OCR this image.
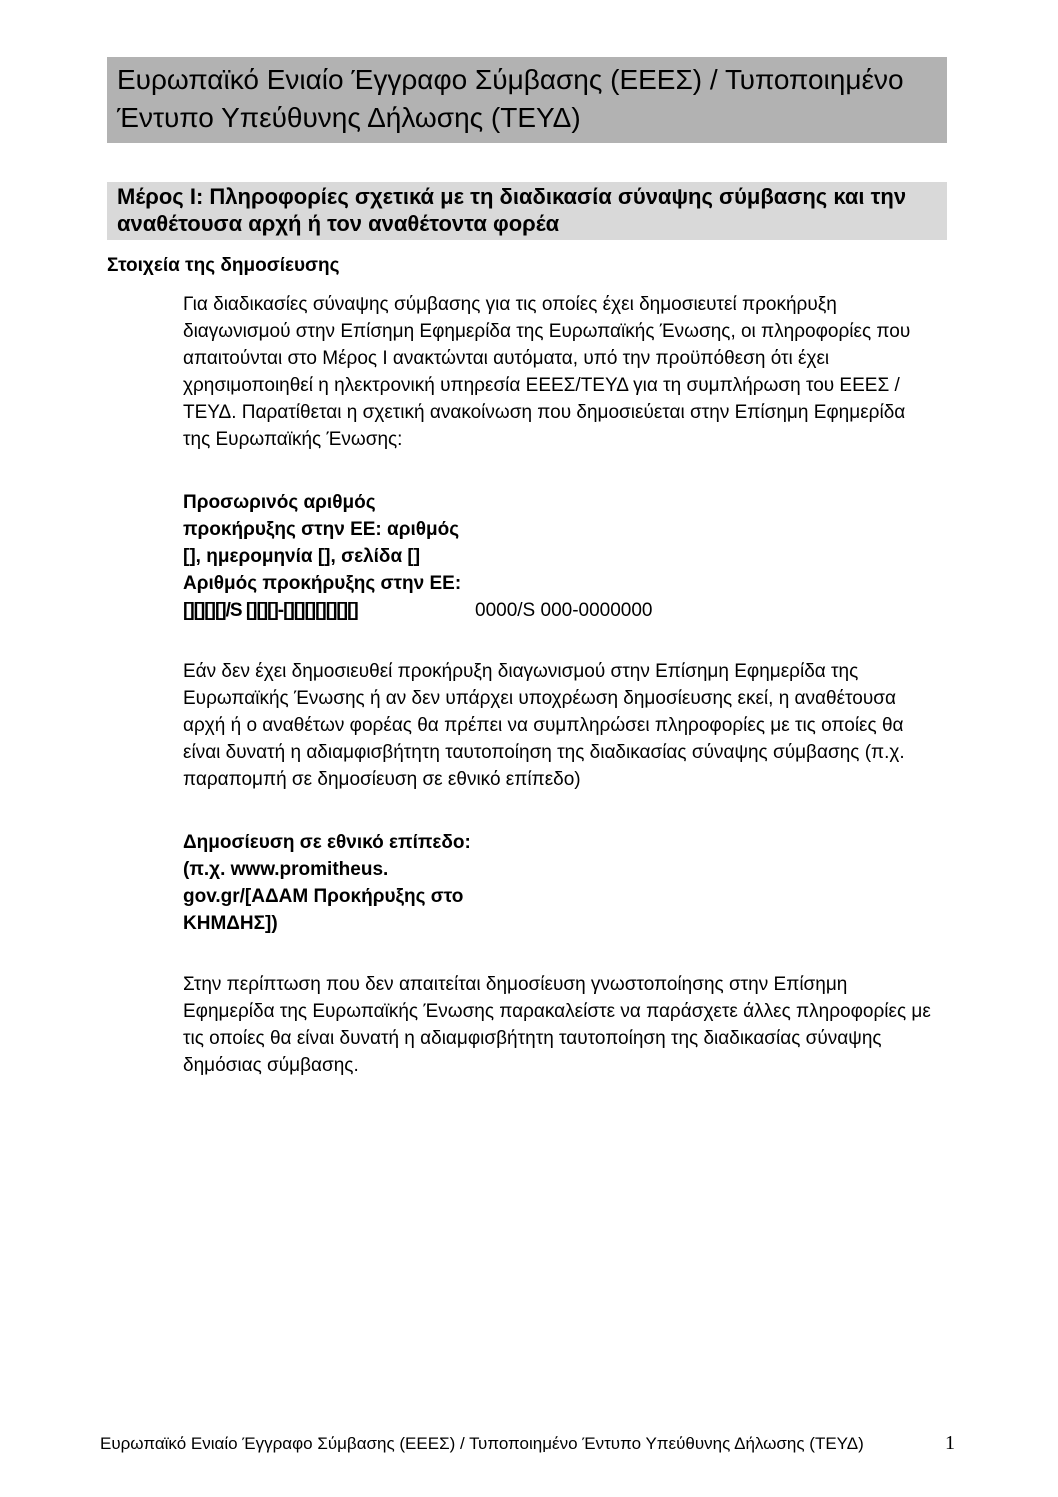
Ευρωπαϊκό Ενιαίο Έγγραφο Σύμβασης (ΕΕΕΣ) / Τυποποιημένο Έντυπο Υπεύθυνης Δήλωσης (ΤΕΥΔ)
Μέρος Ι: Πληροφορίες σχετικά με τη διαδικασία σύναψης σύμβασης και την αναθέτουσα αρχή ή τον αναθέτοντα φορέα
Στοιχεία της δημοσίευσης
Για διαδικασίες σύναψης σύμβασης για τις οποίες έχει δημοσιευτεί προκήρυξη διαγωνισμού στην Επίσημη Εφημερίδα της Ευρωπαϊκής Ένωσης, οι πληροφορίες που απαιτούνται στο Μέρος Ι ανακτώνται αυτόματα, υπό την προϋπόθεση ότι έχει χρησιμοποιηθεί η ηλεκτρονική υπηρεσία ΕΕΕΣ/ΤΕΥΔ για τη συμπλήρωση του ΕΕΕΣ /ΤΕΥΔ. Παρατίθεται η σχετική ανακοίνωση που δημοσιεύεται στην Επίσημη Εφημερίδα της Ευρωπαϊκής Ένωσης:
Προσωρινός αριθμός προκήρυξης στην ΕΕ: αριθμός [], ημερομηνία [], σελίδα []
Αριθμός προκήρυξης στην ΕΕ: [][][][]/S [][][]-[][][][][][][]	0000/S 000-0000000
Εάν δεν έχει δημοσιευθεί προκήρυξη διαγωνισμού στην Επίσημη Εφημερίδα της Ευρωπαϊκής Ένωσης ή αν δεν υπάρχει υποχρέωση δημοσίευσης εκεί, η αναθέτουσα αρχή ή ο αναθέτων φορέας θα πρέπει να συμπληρώσει πληροφορίες με τις οποίες θα είναι δυνατή η αδιαμφισβήτητη ταυτοποίηση της διαδικασίας σύναψης σύμβασης (π.χ. παραπομπή σε δημοσίευση σε εθνικό επίπεδο)
Δημοσίευση σε εθνικό επίπεδο: (π.χ. www.promitheus. gov.gr/[ΑΔΑΜ Προκήρυξης στο ΚΗΜΔΗΣ])
Στην περίπτωση που δεν απαιτείται δημοσίευση γνωστοποίησης στην Επίσημη Εφημερίδα της Ευρωπαϊκής Ένωσης παρακαλείστε να παράσχετε άλλες πληροφορίες με τις οποίες θα είναι δυνατή η αδιαμφισβήτητη ταυτοποίηση της διαδικασίας σύναψης δημόσιας σύμβασης.
Ευρωπαϊκό Ενιαίο Έγγραφο Σύμβασης (ΕΕΕΣ) / Τυποποιημένο Έντυπο Υπεύθυνης Δήλωσης (ΤΕΥΔ)	1
